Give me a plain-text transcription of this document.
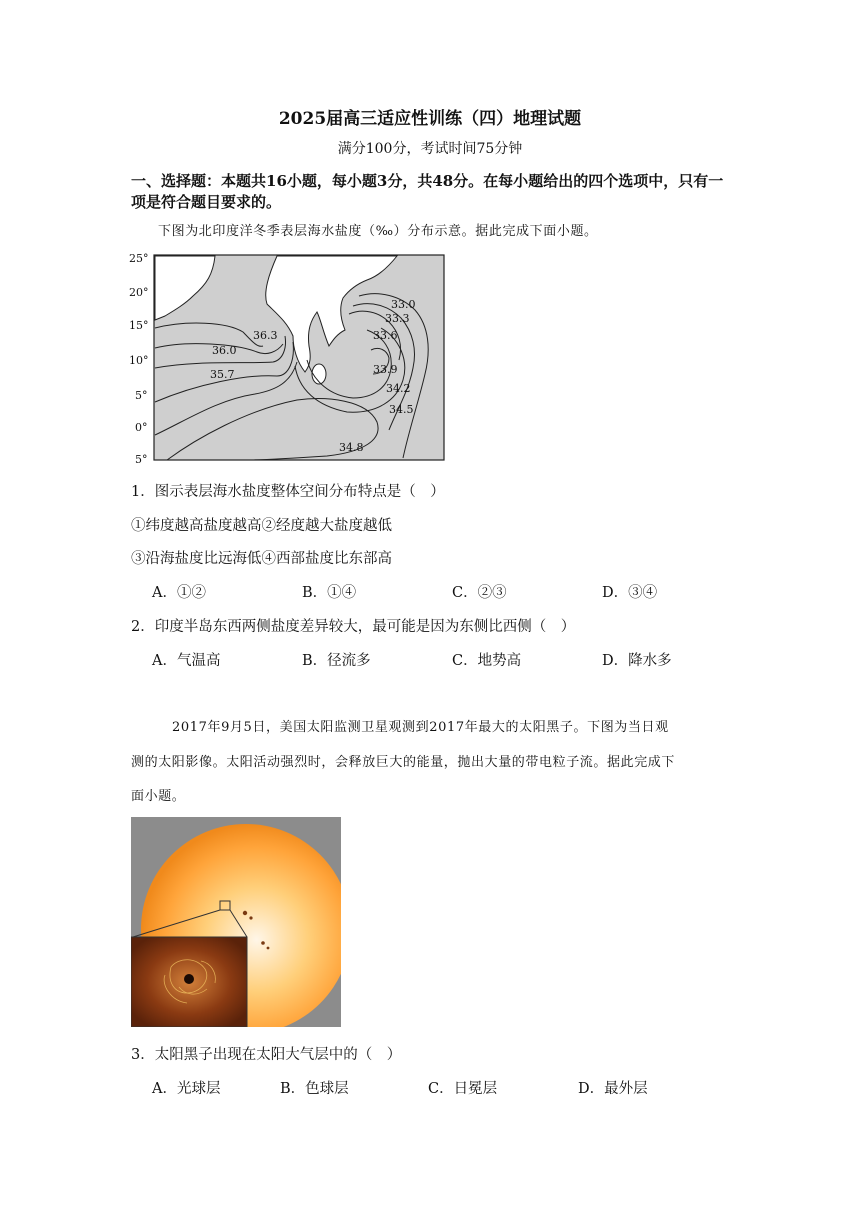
2025届高三适应性训练（四）地理试题
满分100分，考试时间75分钟
一、选择题：本题共16小题，每小题3分，共48分。在每小题给出的四个选项中，只有一
项是符合题目要求的。
下图为北印度洋冬季表层海水盐度（‰）分布示意。据此完成下面小题。
25°
20°
15°
10°
5°
0°
5°
33.0
33.3
33.6
36.3
36.0
35.7	33.9
34.2
34.5
34.8
1．图示表层海水盐度整体空间分布特点是（　）
①纬度越高盐度越高②经度越大盐度越低
③沿海盐度比远海低④西部盐度比东部高
A．①②	B．①④	C．②③	D．③④
2．印度半岛东西两侧盐度差异较大，最可能是因为东侧比西侧（　）
A．气温高	B．径流多	C．地势高	D．降水多
2017年9月5日，美国太阳监测卫星观测到2017年最大的太阳黑子。下图为当日观
测的太阳影像。太阳活动强烈时，会释放巨大的能量，抛出大量的带电粒子流。据此完成下
面小题。
3．太阳黑子出现在太阳大气层中的（　）
A．光球层	B．色球层	C．日冕层	D．最外层
